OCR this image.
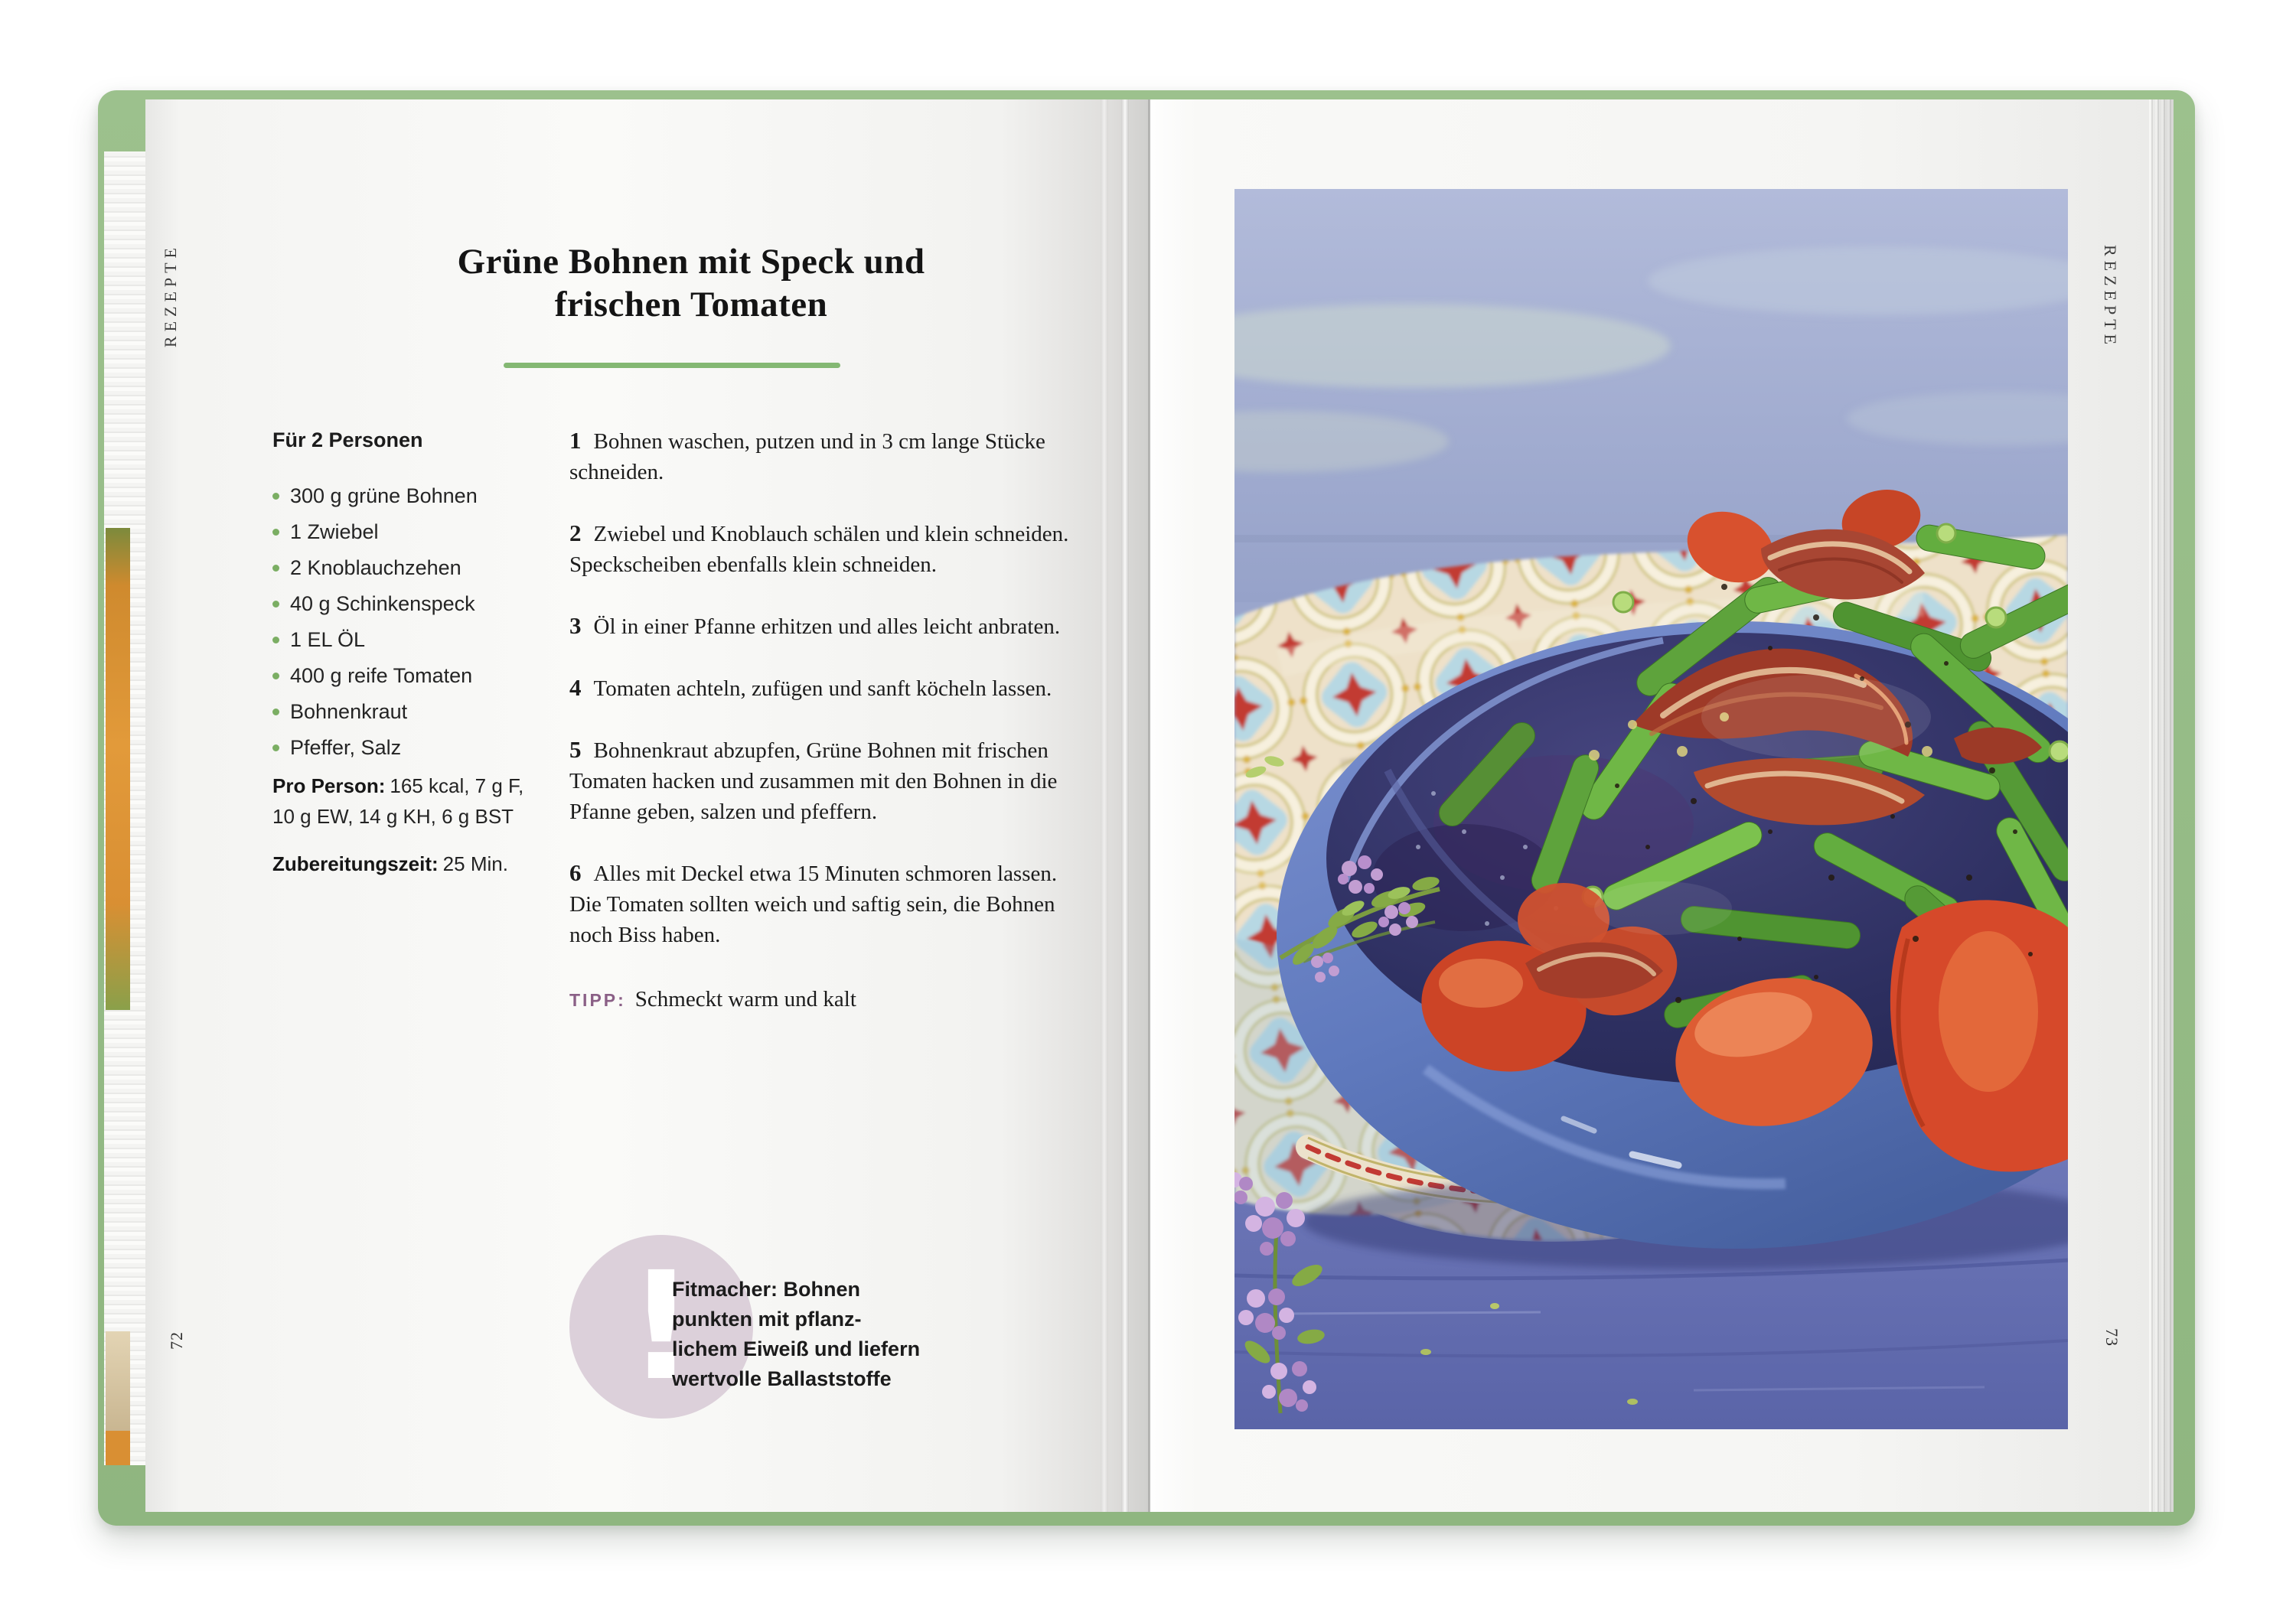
REZEPTE
72
Grüne Bohnen mit Speck und
frischen Tomaten
Für 2 Personen
300 g grüne Bohnen
1 Zwiebel
2 Knoblauchzehen
40 g Schinkenspeck
1 EL ÖL
400 g reife Tomaten
Bohnenkraut
Pfeffer, Salz

Pro Person: 165 kcal, 7 g F,
10 g EW, 14 g KH, 6 g BST

Zubereitungszeit: 25 Min.

1 Bohnen waschen, putzen und in 3 cm lange Stücke schneiden.

2 Zwiebel und Knoblauch schälen und klein schneiden. Speckscheiben ebenfalls klein schneiden.

3 Öl in einer Pfanne erhitzen und alles leicht anbraten.

4 Tomaten achteln, zufügen und sanft köcheln lassen.

5 Bohnenkraut abzupfen, Grüne Bohnen mit frischen Tomaten hacken und zusammen mit den Bohnen in die Pfanne geben, salzen und pfeffern.

6 Alles mit Deckel etwa 15 Minuten schmoren lassen. Die Tomaten sollten weich und saftig sein, die Bohnen noch Biss haben.

TIPP: Schmeckt warm und kalt

!
Fitmacher: Bohnen
punkten mit pflanz-
lichem Eiweiß und liefern
wertvolle Ballaststoffe
REZEPTE
73
